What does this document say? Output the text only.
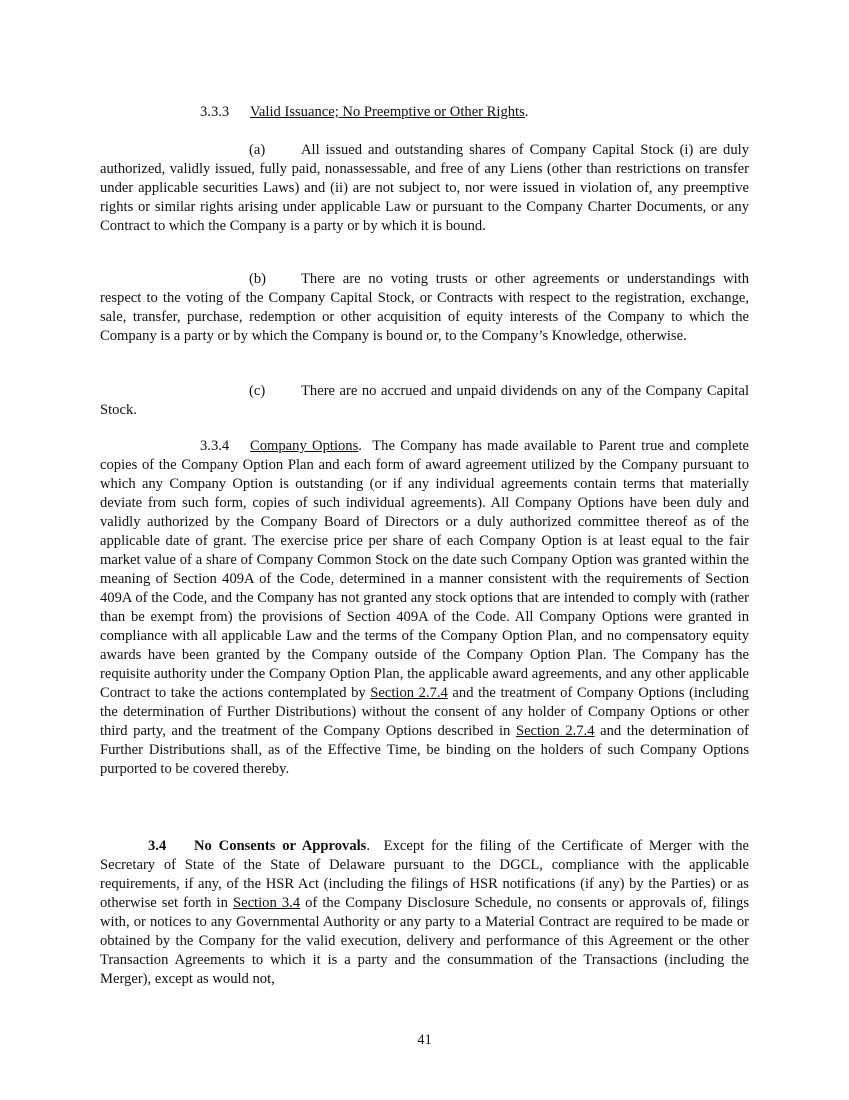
3.3.3 Valid Issuance; No Preemptive or Other Rights.

(a) All issued and outstanding shares of Company Capital Stock (i) are duly authorized, validly issued, fully paid, nonassessable, and free of any Liens (other than restrictions on transfer under applicable securities Laws) and (ii) are not subject to, nor were issued in violation of, any preemptive rights or similar rights arising under applicable Law or pursuant to the Company Charter Documents, or any Contract to which the Company is a party or by which it is bound.

(b) There are no voting trusts or other agreements or understandings with respect to the voting of the Company Capital Stock, or Contracts with respect to the registration, exchange, sale, transfer, purchase, redemption or other acquisition of equity interests of the Company to which the Company is a party or by which the Company is bound or, to the Company’s Knowledge, otherwise.

(c) There are no accrued and unpaid dividends on any of the Company Capital Stock.

3.3.4 Company Options.  The Company has made available to Parent true and complete copies of the Company Option Plan and each form of award agreement utilized by the Company pursuant to which any Company Option is outstanding (or if any individual agreements contain terms that materially deviate from such form, copies of such individual agreements). All Company Options have been duly and validly authorized by the Company Board of Directors or a duly authorized committee thereof as of the applicable date of grant. The exercise price per share of each Company Option is at least equal to the fair market value of a share of Company Common Stock on the date such Company Option was granted within the meaning of Section 409A of the Code, determined in a manner consistent with the requirements of Section 409A of the Code, and the Company has not granted any stock options that are intended to comply with (rather than be exempt from) the provisions of Section 409A of the Code. All Company Options were granted in compliance with all applicable Law and the terms of the Company Option Plan, and no compensatory equity awards have been granted by the Company outside of the Company Option Plan. The Company has the requisite authority under the Company Option Plan, the applicable award agreements, and any other applicable Contract to take the actions contemplated by Section 2.7.4 and the treatment of Company Options (including the determination of Further Distributions) without the consent of any holder of Company Options or other third party, and the treatment of the Company Options described in Section 2.7.4 and the determination of Further Distributions shall, as of the Effective Time, be binding on the holders of such Company Options purported to be covered thereby.

3.4 No Consents or Approvals.  Except for the filing of the Certificate of Merger with the Secretary of State of the State of Delaware pursuant to the DGCL, compliance with the applicable requirements, if any, of the HSR Act (including the filings of HSR notifications (if any) by the Parties) or as otherwise set forth in Section 3.4 of the Company Disclosure Schedule, no consents or approvals of, filings with, or notices to any Governmental Authority or any party to a Material Contract are required to be made or obtained by the Company for the valid execution, delivery and performance of this Agreement or the other Transaction Agreements to which it is a party and the consummation of the Transactions (including the Merger), except as would not,

41
